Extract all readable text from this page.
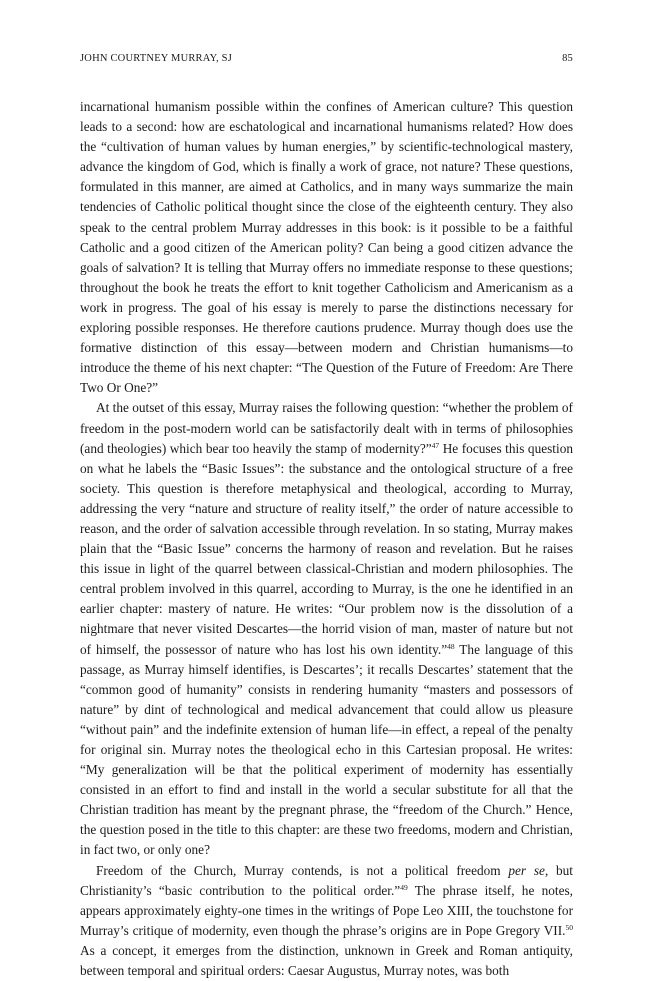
JOHN COURTNEY MURRAY, SJ	85

incarnational humanism possible within the confines of American culture? This question leads to a second: how are eschatological and incarnational humanisms related? How does the “cultivation of human values by human energies,” by scientific-technological mastery, advance the kingdom of God, which is finally a work of grace, not nature? These questions, formulated in this manner, are aimed at Catholics, and in many ways summarize the main tendencies of Catholic political thought since the close of the eighteenth century. They also speak to the central problem Murray addresses in this book: is it possible to be a faithful Catholic and a good citizen of the American polity? Can being a good citizen advance the goals of salvation? It is telling that Murray offers no immediate response to these questions; throughout the book he treats the effort to knit together Catholicism and Americanism as a work in progress. The goal of his essay is merely to parse the distinctions necessary for exploring possible responses. He therefore cautions prudence. Murray though does use the formative distinction of this essay—between modern and Christian humanisms—to introduce the theme of his next chapter: “The Question of the Future of Freedom: Are There Two Or One?”

At the outset of this essay, Murray raises the following question: “whether the problem of freedom in the post-modern world can be satisfactorily dealt with in terms of philosophies (and theologies) which bear too heavily the stamp of modernity?”$^{47}$ He focuses this question on what he labels the “Basic Issues”: the substance and the ontological structure of a free society. This question is therefore metaphysical and theological, according to Murray, addressing the very “nature and structure of reality itself,” the order of nature accessible to reason, and the order of salvation accessible through revelation. In so stating, Murray makes plain that the “Basic Issue” concerns the harmony of reason and revelation. But he raises this issue in light of the quarrel between classical-Christian and modern philosophies. The central problem involved in this quarrel, according to Murray, is the one he identified in an earlier chapter: mastery of nature. He writes: “Our problem now is the dissolution of a nightmare that never visited Descartes—the horrid vision of man, master of nature but not of himself, the possessor of nature who has lost his own identity.”$^{48}$ The language of this passage, as Murray himself identifies, is Descartes’; it recalls Descartes’ statement that the “common good of humanity” consists in rendering humanity “masters and possessors of nature” by dint of technological and medical advancement that could allow us pleasure “without pain” and the indefinite extension of human life—in effect, a repeal of the penalty for original sin. Murray notes the theological echo in this Cartesian proposal. He writes: “My generalization will be that the political experiment of modernity has essentially consisted in an effort to find and install in the world a secular substitute for all that the Christian tradition has meant by the pregnant phrase, the “freedom of the Church.” Hence, the question posed in the title to this chapter: are these two freedoms, modern and Christian, in fact two, or only one?

Freedom of the Church, Murray contends, is not a political freedom per se, but Christianity’s “basic contribution to the political order.”$^{49}$ The phrase itself, he notes, appears approximately eighty-one times in the writings of Pope Leo XIII, the touchstone for Murray’s critique of modernity, even though the phrase’s origins are in Pope Gregory VII.$^{50}$ As a concept, it emerges from the distinction, unknown in Greek and Roman antiquity, between temporal and spiritual orders: Caesar Augustus, Murray notes, was both
